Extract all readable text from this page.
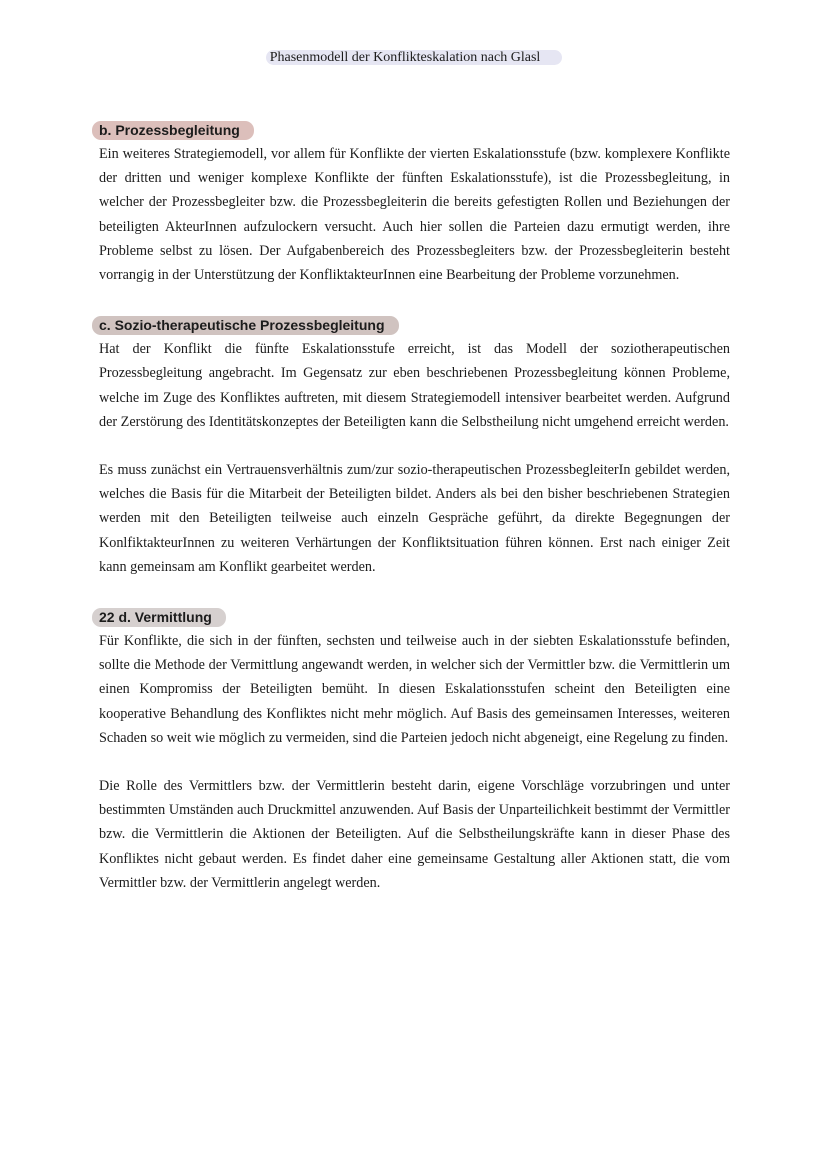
Phasenmodell der Konflikteskalation nach Glasl
b. Prozessbegleitung

Ein weiteres Strategiemodell, vor allem für Konflikte der vierten Eskalationsstufe (bzw. komplexere Konflikte der dritten und weniger komplexe Konflikte der fünften Eskalationsstufe), ist die Prozessbegleitung, in welcher der Prozessbegleiter bzw. die Prozessbegleiterin die bereits gefestigten Rollen und Beziehungen der beteiligten AkteurInnen aufzulockern versucht. Auch hier sollen die Parteien dazu ermutigt werden, ihre Probleme selbst zu lösen. Der Aufgabenbereich des Prozessbegleiters bzw. der Prozessbegleiterin besteht vorrangig in der Unterstützung der KonfliktakteurInnen eine Bearbeitung der Probleme vorzunehmen.

c. Sozio-therapeutische Prozessbegleitung

Hat der Konflikt die fünfte Eskalationsstufe erreicht, ist das Modell der soziotherapeutischen Prozessbegleitung angebracht. Im Gegensatz zur eben beschriebenen Prozessbegleitung können Probleme, welche im Zuge des Konfliktes auftreten, mit diesem Strategiemodell intensiver bearbeitet werden. Aufgrund der Zerstörung des Identitätskonzeptes der Beteiligten kann die Selbstheilung nicht umgehend erreicht werden.

Es muss zunächst ein Vertrauensverhältnis zum/zur sozio-therapeutischen ProzessbegleiterIn gebildet werden, welches die Basis für die Mitarbeit der Beteiligten bildet. Anders als bei den bisher beschriebenen Strategien werden mit den Beteiligten teilweise auch einzeln Gespräche geführt, da direkte Begegnungen der KonlfiktakteurInnen zu weiteren Verhärtungen der Konfliktsituation führen können. Erst nach einiger Zeit kann gemeinsam am Konflikt gearbeitet werden.

22 d. Vermittlung

Für Konflikte, die sich in der fünften, sechsten und teilweise auch in der siebten Eskalationsstufe befinden, sollte die Methode der Vermittlung angewandt werden, in welcher sich der Vermittler bzw. die Vermittlerin um einen Kompromiss der Beteiligten bemüht. In diesen Eskalationsstufen scheint den Beteiligten eine kooperative Behandlung des Konfliktes nicht mehr möglich. Auf Basis des gemeinsamen Interesses, weiteren Schaden so weit wie möglich zu vermeiden, sind die Parteien jedoch nicht abgeneigt, eine Regelung zu finden.

Die Rolle des Vermittlers bzw. der Vermittlerin besteht darin, eigene Vorschläge vorzubringen und unter bestimmten Umständen auch Druckmittel anzuwenden. Auf Basis der Unparteilichkeit bestimmt der Vermittler bzw. die Vermittlerin die Aktionen der Beteiligten. Auf die Selbstheilungskräfte kann in dieser Phase des Konfliktes nicht gebaut werden. Es findet daher eine gemeinsame Gestaltung aller Aktionen statt, die vom Vermittler bzw. der Vermittlerin angelegt werden.
